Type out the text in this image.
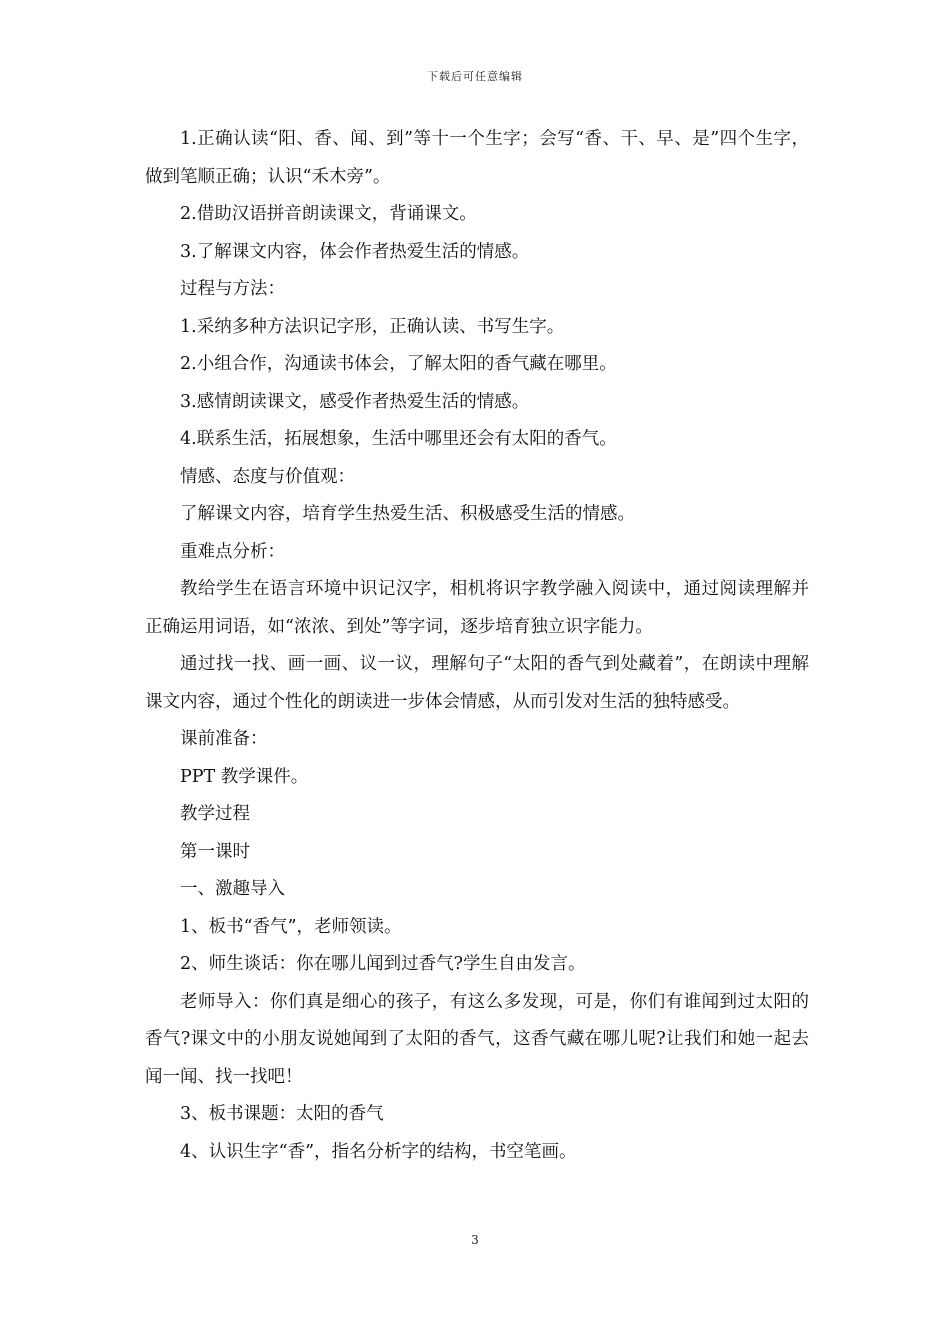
下载后可任意编辑

1.正确认读“阳、香、闻、到”等十一个生字；会写“香、干、早、是”四个生字，做到笔顺正确；认识“禾木旁”。

2.借助汉语拼音朗读课文，背诵课文。

3.了解课文内容，体会作者热爱生活的情感。

过程与方法：

1.采纳多种方法识记字形，正确认读、书写生字。

2.小组合作，沟通读书体会，了解太阳的香气藏在哪里。

3.感情朗读课文，感受作者热爱生活的情感。

4.联系生活，拓展想象，生活中哪里还会有太阳的香气。

情感、态度与价值观：

了解课文内容，培育学生热爱生活、积极感受生活的情感。

重难点分析：

教给学生在语言环境中识记汉字，相机将识字教学融入阅读中，通过阅读理解并正确运用词语，如“浓浓、到处”等字词，逐步培育独立识字能力。

通过找一找、画一画、议一议，理解句子“太阳的香气到处藏着”，在朗读中理解课文内容，通过个性化的朗读进一步体会情感，从而引发对生活的独特感受。

课前准备：

PPT 教学课件。

教学过程

第一课时

一、激趣导入

1、板书“香气”，老师领读。

2、师生谈话：你在哪儿闻到过香气?学生自由发言。

老师导入：你们真是细心的孩子，有这么多发现，可是，你们有谁闻到过太阳的香气?课文中的小朋友说她闻到了太阳的香气，这香气藏在哪儿呢?让我们和她一起去闻一闻、找一找吧！

3、板书课题：太阳的香气

4、认识生字“香”，指名分析字的结构，书空笔画。

3
